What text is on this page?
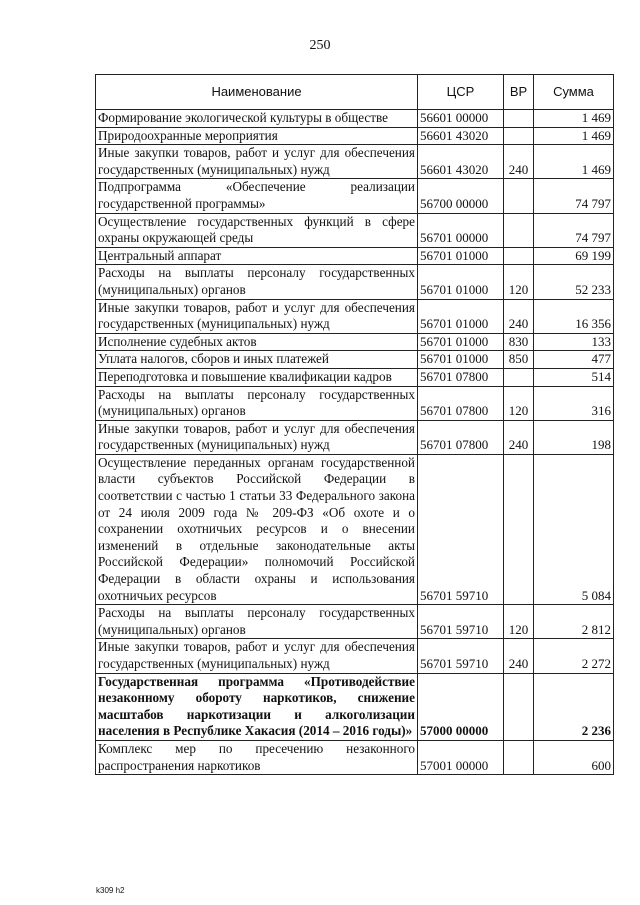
250
Наименование	ЦСР	ВР	Сумма
Формирование экологической культуры в обществе	56601 00000		1 469
Природоохранные мероприятия	56601 43020		1 469
Иные закупки товаров, работ и услуг для обеспечения государственных (муниципальных) нужд	56601 43020	240	1 469
Подпрограмма «Обеспечение реализации государственной программы»	56700 00000		74 797
Осуществление государственных функций в сфере охраны окружающей среды	56701 00000		74 797
Центральный аппарат	56701 01000		69 199
Расходы на выплаты персоналу государственных (муниципальных) органов	56701 01000	120	52 233
Иные закупки товаров, работ и услуг для обеспечения государственных (муниципальных) нужд	56701 01000	240	16 356
Исполнение судебных актов	56701 01000	830	133
Уплата налогов, сборов и иных платежей	56701 01000	850	477
Переподготовка и повышение квалификации кадров	56701 07800		514
Расходы на выплаты персоналу государственных (муниципальных) органов	56701 07800	120	316
Иные закупки товаров, работ и услуг для обеспечения государственных (муниципальных) нужд	56701 07800	240	198
Осуществление переданных органам государственной власти субъектов Российской Федерации в соответствии с частью 1 статьи 33 Федерального закона от 24 июля 2009 года № 209-ФЗ «Об охоте и о сохранении охотничьих ресурсов и о внесении изменений в отдельные законодательные акты Российской Федерации» полномочий Российской Федерации в области охраны и использования охотничьих ресурсов	56701 59710		5 084
Расходы на выплаты персоналу государственных (муниципальных) органов	56701 59710	120	2 812
Иные закупки товаров, работ и услуг для обеспечения государственных (муниципальных) нужд	56701 59710	240	2 272
Государственная программа «Противодействие незаконному обороту наркотиков, снижение масштабов наркотизации и алкоголизации населения в Республике Хакасия (2014 – 2016 годы)»	57000 00000		2 236
Комплекс мер по пресечению незаконного распространения наркотиков	57001 00000		600
k309 h2
